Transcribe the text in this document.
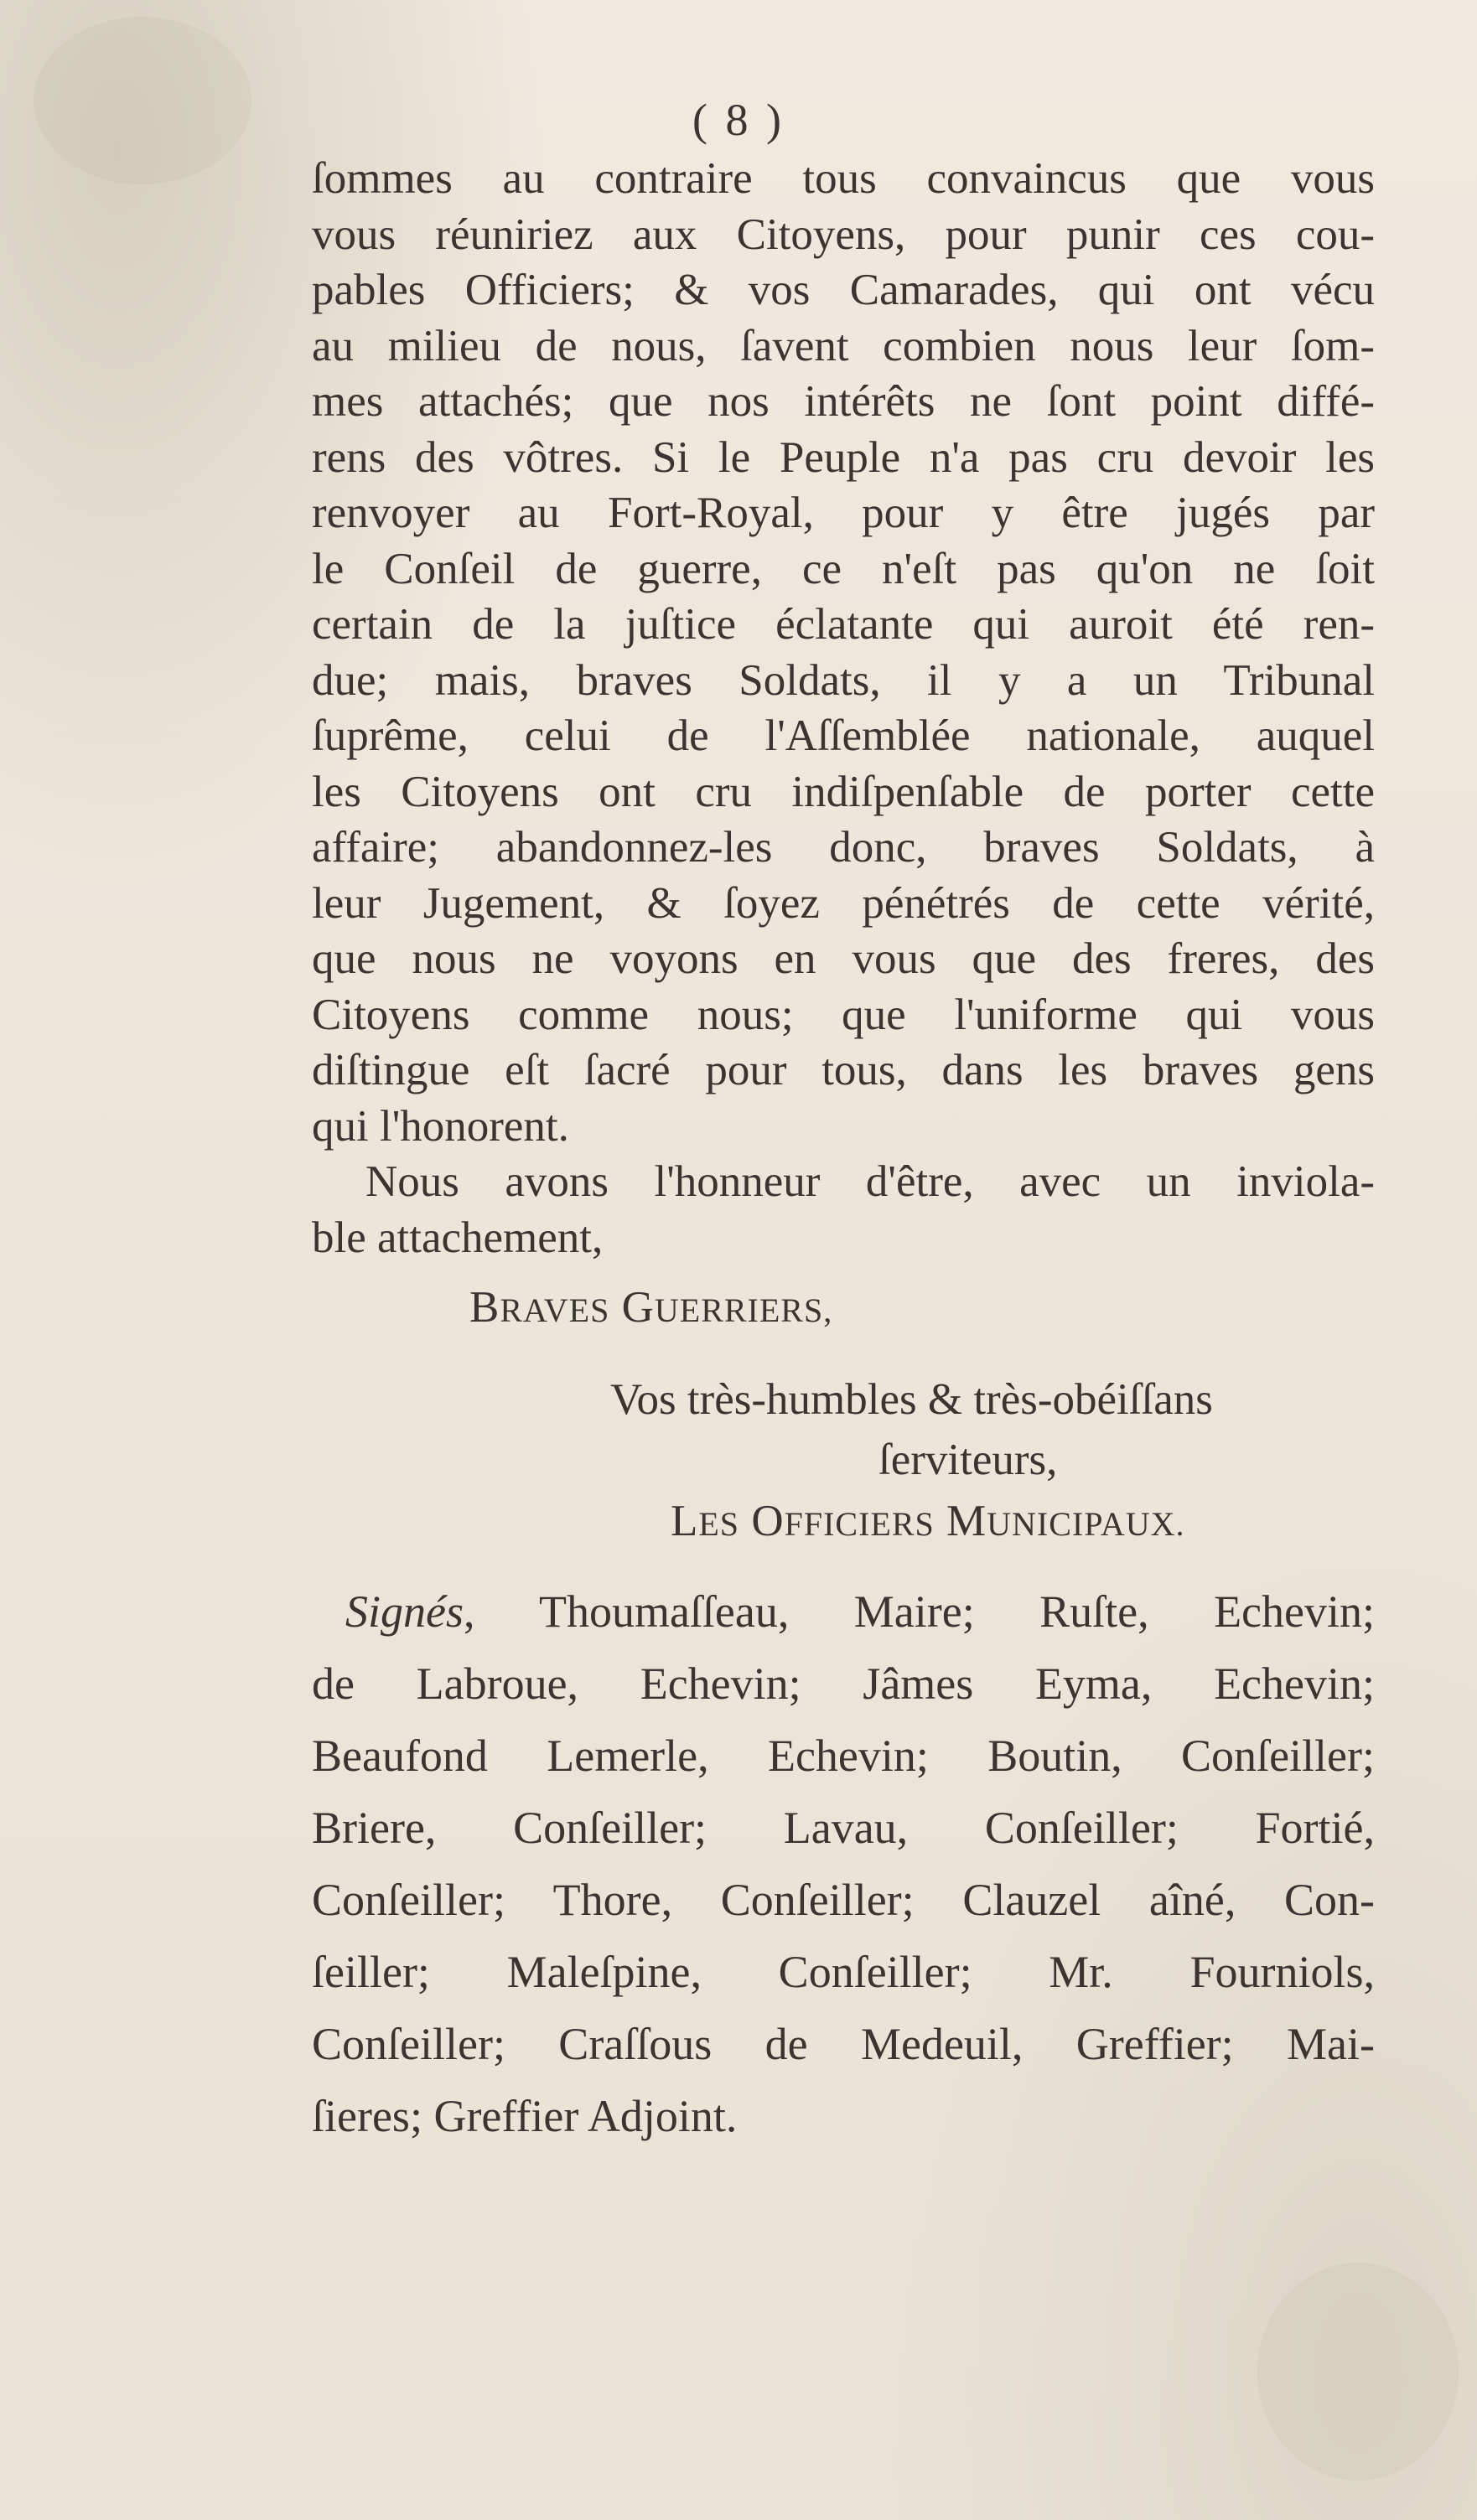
( 8 )
ſommes au contraire tous convaincus que vous
vous réuniriez aux Citoyens, pour punir ces cou-
pables Officiers; & vos Camarades, qui ont vécu
au milieu de nous, ſavent combien nous leur ſom-
mes attachés; que nos intérêts ne ſont point diffé-
rens des vôtres. Si le Peuple n'a pas cru devoir les
renvoyer au Fort-Royal, pour y être jugés par
le Conſeil de guerre, ce n'eſt pas qu'on ne ſoit
certain de la juſtice éclatante qui auroit été ren-
due; mais, braves Soldats, il y a un Tribunal
ſuprême, celui de l'Aſſemblée nationale, auquel
les Citoyens ont cru indiſpenſable de porter cette
affaire; abandonnez-les donc, braves Soldats, à
leur Jugement, & ſoyez pénétrés de cette vérité,
que nous ne voyons en vous que des freres, des
Citoyens comme nous; que l'uniforme qui vous
diſtingue eſt ſacré pour tous, dans les braves gens
qui l'honorent.
Nous avons l'honneur d'être, avec un inviola-
ble attachement,
BRAVES GUERRIERS,
Vos très-humbles & très-obéiſſans
ſerviteurs,
LES OFFICIERS MUNICIPAUX.
Signés, Thoumaſſeau, Maire; Ruſte, Echevin;
de Labroue, Echevin; Jâmes Eyma, Echevin;
Beaufond Lemerle, Echevin; Boutin, Conſeiller;
Briere, Conſeiller; Lavau, Conſeiller; Fortié,
Conſeiller; Thore, Conſeiller; Clauzel aîné, Con-
ſeiller; Maleſpine, Conſeiller; Mr. Fourniols,
Conſeiller; Craſſous de Medeuil, Greffier; Mai-
ſieres; Greffier Adjoint.
